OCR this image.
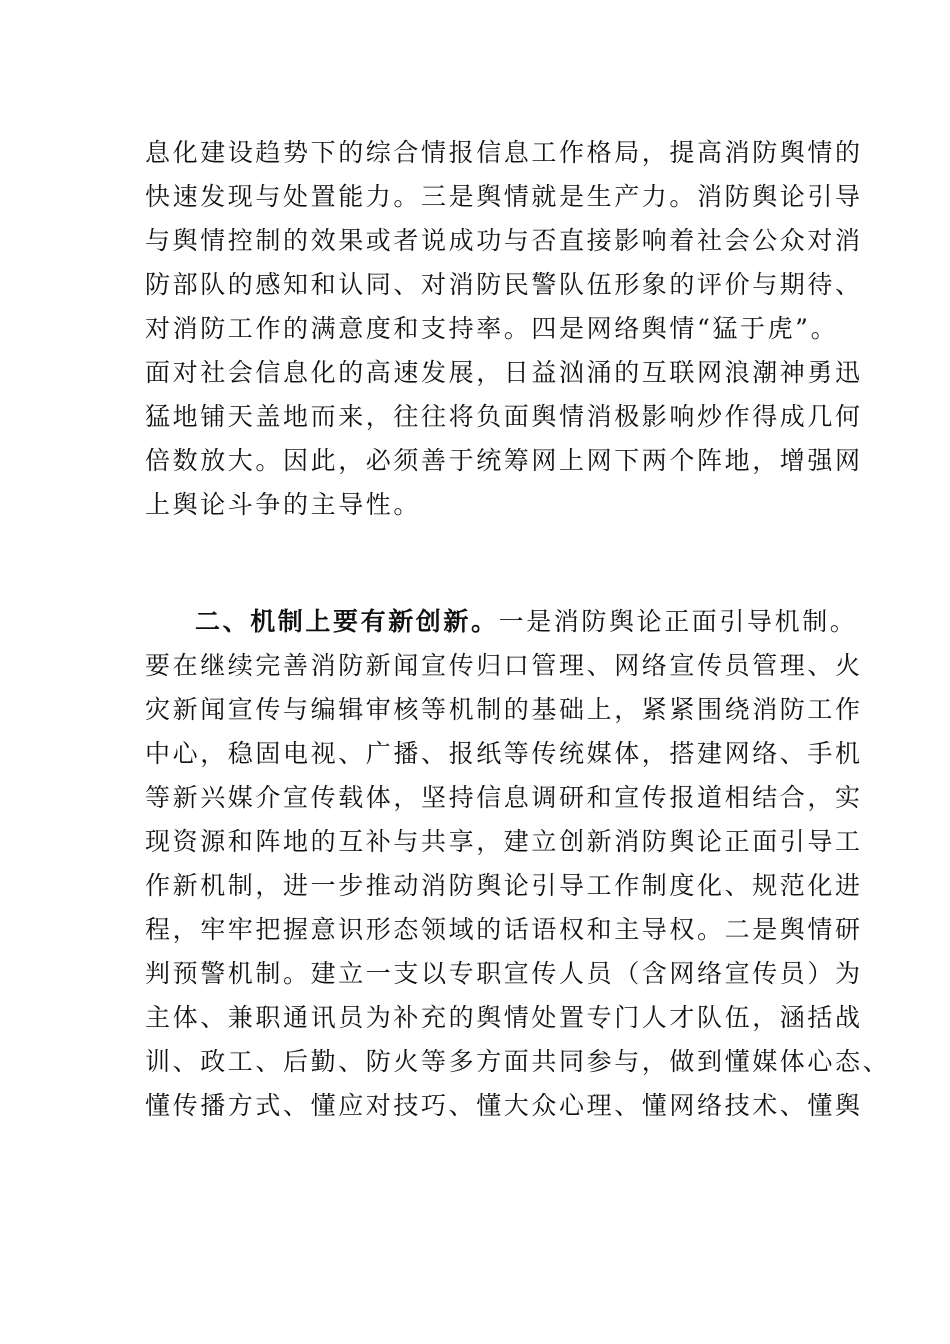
息化建设趋势下的综合情报信息工作格局，提高消防舆情的
快速发现与处置能力。三是舆情就是生产力。消防舆论引导
与舆情控制的效果或者说成功与否直接影响着社会公众对消
防部队的感知和认同、对消防民警队伍形象的评价与期待、
对消防工作的满意度和支持率。四是网络舆情“猛于虎”。
面对社会信息化的高速发展，日益汹涌的互联网浪潮神勇迅
猛地铺天盖地而来，往往将负面舆情消极影响炒作得成几何
倍数放大。因此，必须善于统筹网上网下两个阵地，增强网
上舆论斗争的主导性。
二、机制上要有新创新。一是消防舆论正面引导机制。
要在继续完善消防新闻宣传归口管理、网络宣传员管理、火
灾新闻宣传与编辑审核等机制的基础上，紧紧围绕消防工作
中心，稳固电视、广播、报纸等传统媒体，搭建网络、手机
等新兴媒介宣传载体，坚持信息调研和宣传报道相结合，实
现资源和阵地的互补与共享，建立创新消防舆论正面引导工
作新机制，进一步推动消防舆论引导工作制度化、规范化进
程，牢牢把握意识形态领域的话语权和主导权。二是舆情研
判预警机制。建立一支以专职宣传人员（含网络宣传员）为
主体、兼职通讯员为补充的舆情处置专门人才队伍，涵括战
训、政工、后勤、防火等多方面共同参与，做到懂媒体心态、
懂传播方式、懂应对技巧、懂大众心理、懂网络技术、懂舆
